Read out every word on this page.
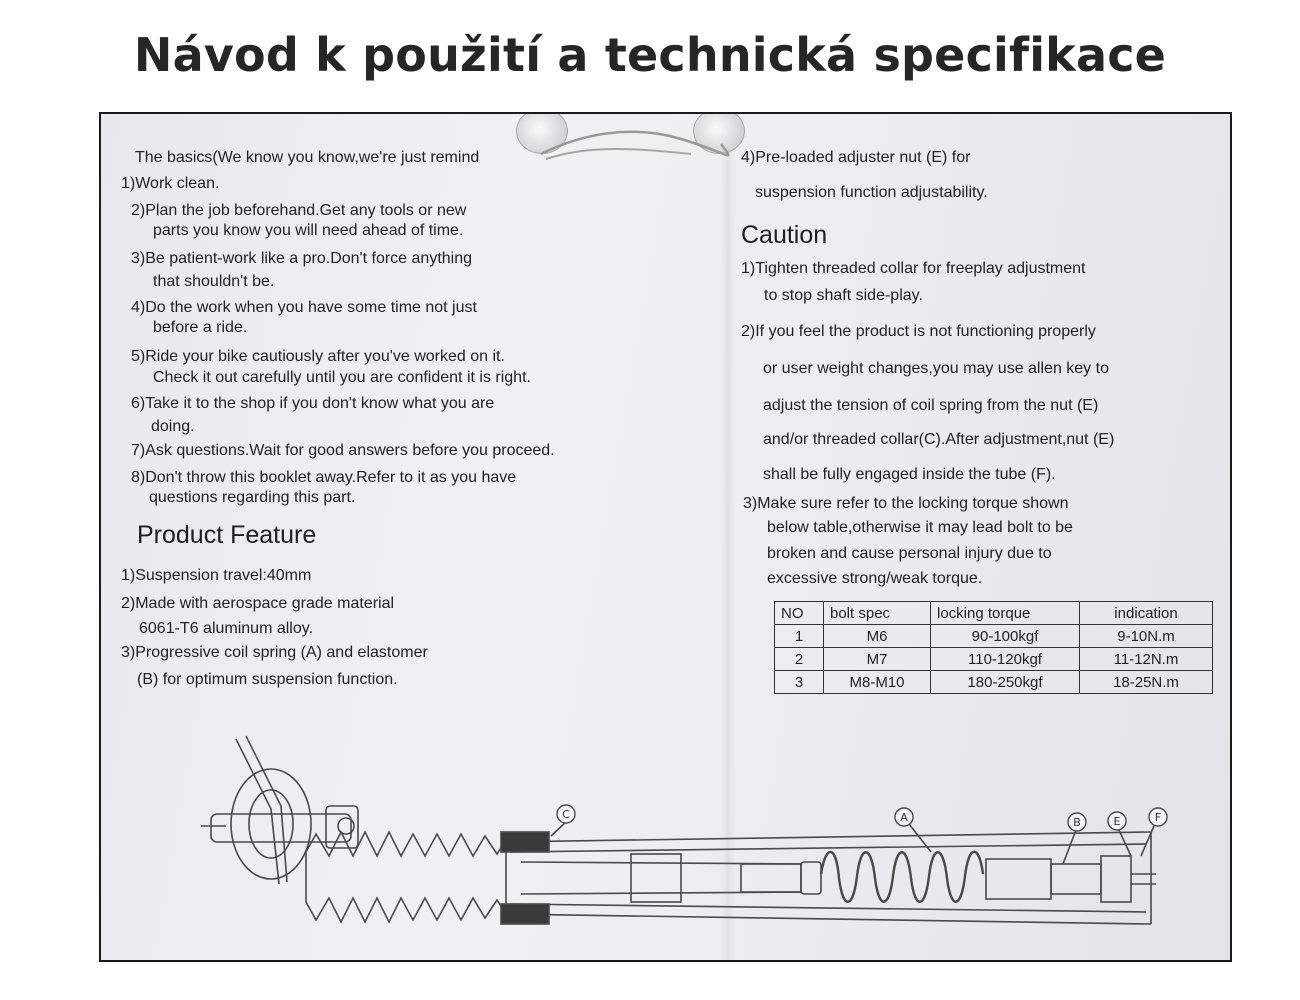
Návod k použití a technická specifikace
The basics(We know you know,we're just remind
1)Work clean.
2)Plan the job beforehand.Get any tools or new
parts you know you will need ahead of time.
3)Be patient-work like a pro.Don't force anything
that shouldn't be.
4)Do the work when you have some time not just
before a ride.
5)Ride your bike cautiously after you've worked on it.
Check it out carefully until you are confident it is right.
6)Take it to the shop if you don't know what you are
doing.
7)Ask questions.Wait for good answers before you proceed.
8)Don't throw this booklet away.Refer to it as you have
questions regarding this part.
Product Feature
1)Suspension travel:40mm
2)Made with aerospace grade material
6061-T6 aluminum alloy.
3)Progressive coil spring (A) and elastomer
(B) for optimum suspension function.
4)Pre-loaded adjuster nut (E) for
suspension function adjustability.
Caution
1)Tighten threaded collar for freeplay adjustment
to stop shaft side-play.
2)If you feel the product is not functioning properly
or user weight changes,you may use allen key to
adjust the tension of coil spring from the nut (E)
and/or threaded collar(C).After adjustment,nut (E)
shall be fully engaged inside the tube (F).
3)Make sure refer to the locking torque shown
below table,otherwise it may lead bolt to be
broken and cause personal injury due to
excessive strong/weak torque.
NO	bolt spec	locking torque	indication
1	M6	90-100kgf	9-10N.m
2	M7	110-120kgf	11-12N.m
3	M8-M10	180-250kgf	18-25N.m
C	A	B	E	F
